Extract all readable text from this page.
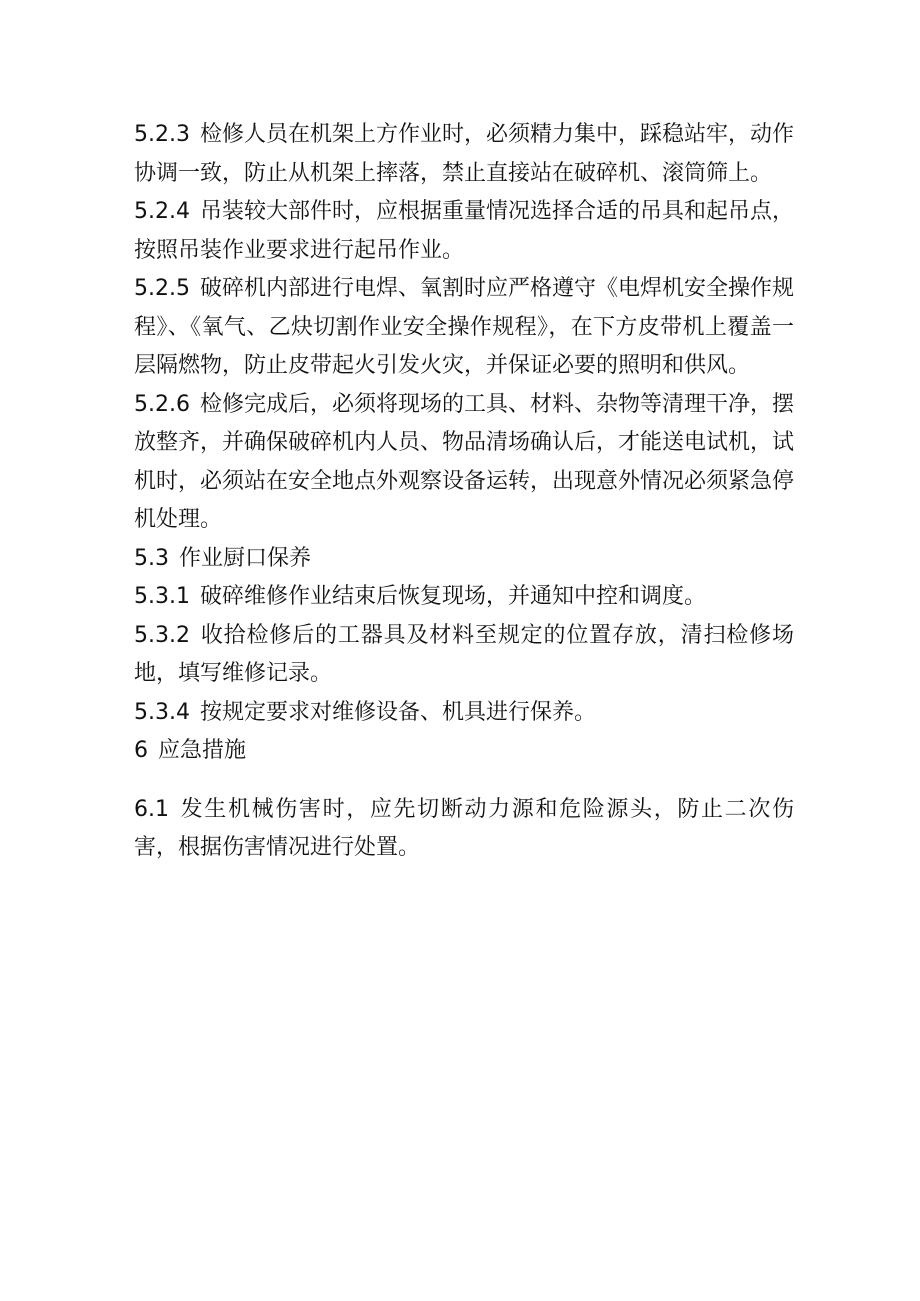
5.2.3 检修人员在机架上方作业时，必须精力集中，踩稳站牢，动作协调一致，防止从机架上摔落，禁止直接站在破碎机、滚筒筛上。

5.2.4 吊装较大部件时，应根据重量情况选择合适的吊具和起吊点，按照吊装作业要求进行起吊作业。

5.2.5 破碎机内部进行电焊、氧割时应严格遵守《电焊机安全操作规程》、《氧气、乙炔切割作业安全操作规程》，在下方皮带机上覆盖一层隔燃物，防止皮带起火引发火灾，并保证必要的照明和供风。

5.2.6 检修完成后，必须将现场的工具、材料、杂物等清理干净，摆放整齐，并确保破碎机内人员、物品清场确认后，才能送电试机，试机时，必须站在安全地点外观察设备运转，出现意外情况必须紧急停机处理。

5.3 作业厨口保养

5.3.1 破碎维修作业结束后恢复现场，并通知中控和调度。

5.3.2 收拾检修后的工器具及材料至规定的位置存放，清扫检修场地，填写维修记录。

5.3.4 按规定要求对维修设备、机具进行保养。

6 应急措施

6.1 发生机械伤害时，应先切断动力源和危险源头，防止二次伤害，根据伤害情况进行处置。
